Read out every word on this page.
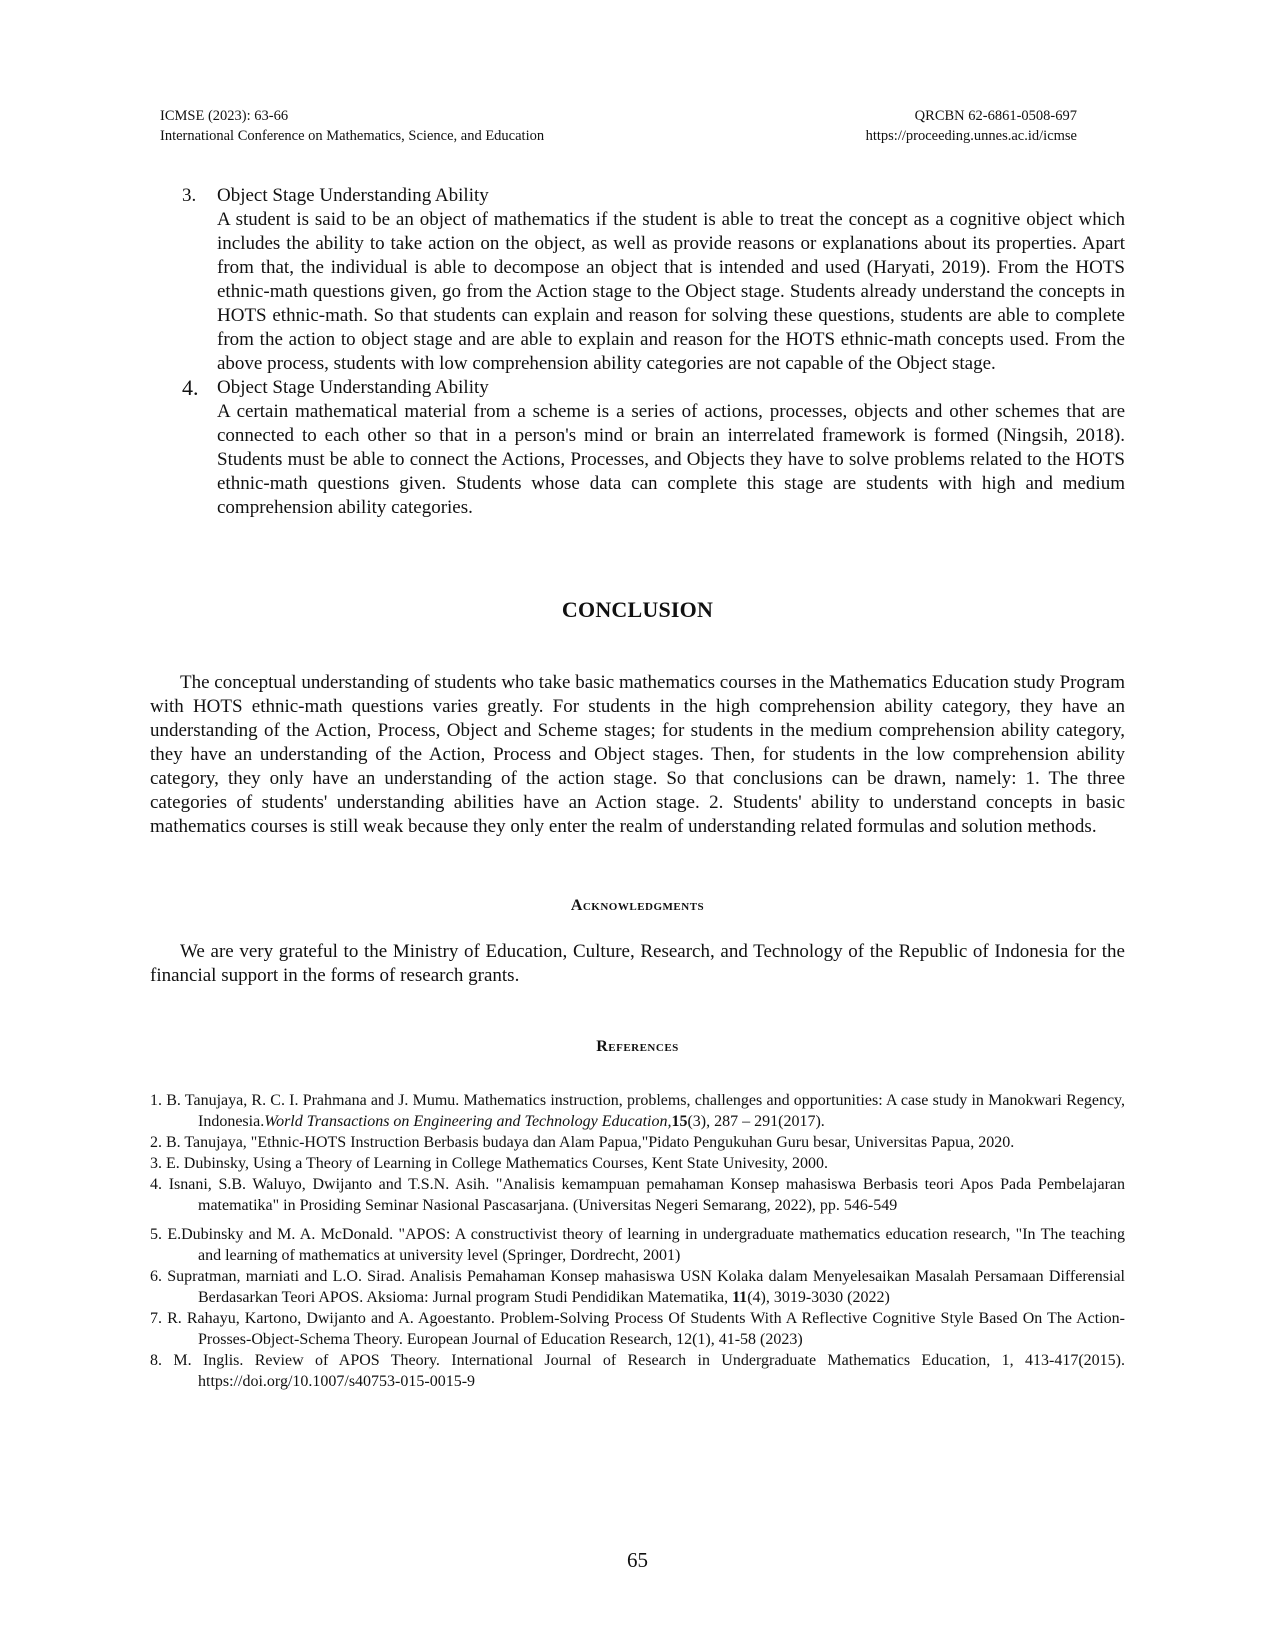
ICMSE (2023): 63-66
International Conference on Mathematics, Science, and Education
QRCBN 62-6861-0508-697
https://proceeding.unnes.ac.id/icmse
3. Object Stage Understanding Ability
A student is said to be an object of mathematics if the student is able to treat the concept as a cognitive object which includes the ability to take action on the object, as well as provide reasons or explanations about its properties. Apart from that, the individual is able to decompose an object that is intended and used (Haryati, 2019). From the HOTS ethnic-math questions given, go from the Action stage to the Object stage. Students already understand the concepts in HOTS ethnic-math. So that students can explain and reason for solving these questions, students are able to complete from the action to object stage and are able to explain and reason for the HOTS ethnic-math concepts used. From the above process, students with low comprehension ability categories are not capable of the Object stage.
4. Object Stage Understanding Ability
A certain mathematical material from a scheme is a series of actions, processes, objects and other schemes that are connected to each other so that in a person's mind or brain an interrelated framework is formed (Ningsih, 2018). Students must be able to connect the Actions, Processes, and Objects they have to solve problems related to the HOTS ethnic-math questions given. Students whose data can complete this stage are students with high and medium comprehension ability categories.
CONCLUSION
The conceptual understanding of students who take basic mathematics courses in the Mathematics Education study Program with HOTS ethnic-math questions varies greatly. For students in the high comprehension ability category, they have an understanding of the Action, Process, Object and Scheme stages; for students in the medium comprehension ability category, they have an understanding of the Action, Process and Object stages. Then, for students in the low comprehension ability category, they only have an understanding of the action stage. So that conclusions can be drawn, namely: 1. The three categories of students' understanding abilities have an Action stage. 2. Students' ability to understand concepts in basic mathematics courses is still weak because they only enter the realm of understanding related formulas and solution methods.
Acknowledgments
We are very grateful to the Ministry of Education, Culture, Research, and Technology of the Republic of Indonesia for the financial support in the forms of research grants.
References
1. B. Tanujaya, R. C. I. Prahmana and J. Mumu. Mathematics instruction, problems, challenges and opportunities: A case study in Manokwari Regency, Indonesia.World Transactions on Engineering and Technology Education,15(3), 287 – 291(2017).
2. B. Tanujaya, "Ethnic-HOTS Instruction Berbasis budaya dan Alam Papua,"Pidato Pengukuhan Guru besar, Universitas Papua, 2020.
3. E. Dubinsky, Using a Theory of Learning in College Mathematics Courses, Kent State Univesity, 2000.
4. Isnani, S.B. Waluyo, Dwijanto and T.S.N. Asih. "Analisis kemampuan pemahaman Konsep mahasiswa Berbasis teori Apos Pada Pembelajaran matematika" in Prosiding Seminar Nasional Pascasarjana. (Universitas Negeri Semarang, 2022), pp. 546-549
5. E.Dubinsky and M. A. McDonald. "APOS: A constructivist theory of learning in undergraduate mathematics education research, "In The teaching and learning of mathematics at university level (Springer, Dordrecht, 2001)
6. Supratman, marniati and L.O. Sirad. Analisis Pemahaman Konsep mahasiswa USN Kolaka dalam Menyelesaikan Masalah Persamaan Differensial Berdasarkan Teori APOS. Aksioma: Jurnal program Studi Pendidikan Matematika, 11(4), 3019-3030 (2022)
7. R. Rahayu, Kartono, Dwijanto and A. Agoestanto. Problem-Solving Process Of Students With A Reflective Cognitive Style Based On The Action-Prosses-Object-Schema Theory. European Journal of Education Research, 12(1), 41-58 (2023)
8. M. Inglis. Review of APOS Theory. International Journal of Research in Undergraduate Mathematics Education, 1, 413-417(2015). https://doi.org/10.1007/s40753-015-0015-9
65
